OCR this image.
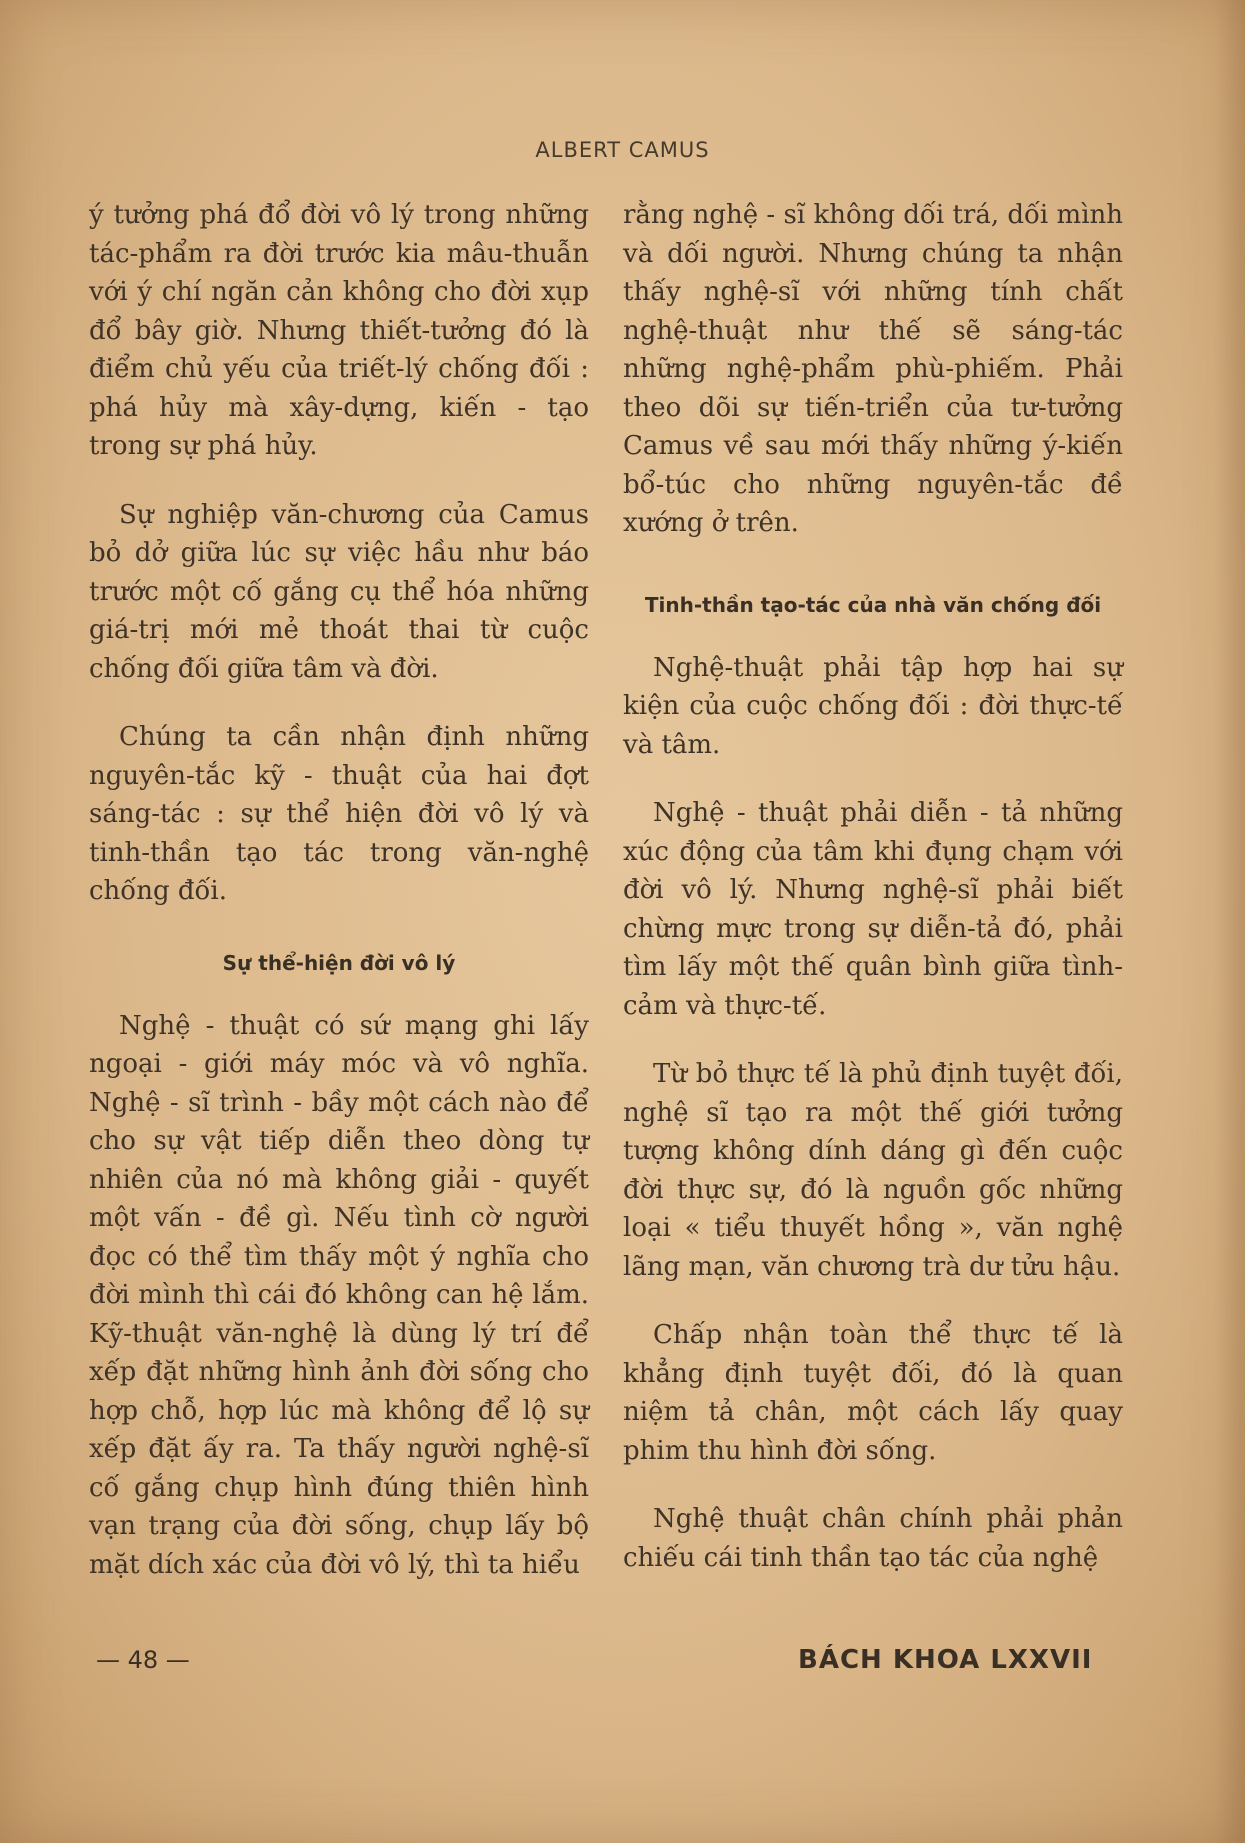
ALBERT CAMUS

ý tưởng phá đổ đời vô lý trong những tác-phẩm ra đời trước kia mâu-thuẫn với ý chí ngăn cản không cho đời xụp đổ bây giờ. Nhưng thiết-tưởng đó là điểm chủ yếu của triết-lý chống đối : phá hủy mà xây-dựng, kiến - tạo trong sự phá hủy.

Sự nghiệp văn-chương của Camus bỏ dở giữa lúc sự việc hầu như báo trước một cố gắng cụ thể hóa những giá-trị mới mẻ thoát thai từ cuộc chống đối giữa tâm và đời.

Chúng ta cần nhận định những nguyên-tắc kỹ - thuật của hai đợt sáng-tác : sự thể hiện đời vô lý và tinh-thần tạo tác trong văn-nghệ chống đối.

Sự thể-hiện đời vô lý

Nghệ - thuật có sứ mạng ghi lấy ngoại - giới máy móc và vô nghĩa. Nghệ - sĩ trình - bầy một cách nào để cho sự vật tiếp diễn theo dòng tự nhiên của nó mà không giải - quyết một vấn - đề gì. Nếu tình cờ người đọc có thể tìm thấy một ý nghĩa cho đời mình thì cái đó không can hệ lắm. Kỹ-thuật văn-nghệ là dùng lý trí để xếp đặt những hình ảnh đời sống cho hợp chỗ, hợp lúc mà không để lộ sự xếp đặt ấy ra. Ta thấy người nghệ-sĩ cố gắng chụp hình đúng thiên hình vạn trạng của đời sống, chụp lấy bộ mặt dích xác của đời vô lý, thì ta hiểu

rằng nghệ - sĩ không dối trá, dối mình và dối người. Nhưng chúng ta nhận thấy nghệ-sĩ với những tính chất nghệ-thuật như thế sẽ sáng-tác những nghệ-phẩm phù-phiếm. Phải theo dõi sự tiến-triển của tư-tưởng Camus về sau mới thấy những ý-kiến bổ-túc cho những nguyên-tắc đề xướng ở trên.

Tinh-thần tạo-tác của nhà văn chống đối

Nghệ-thuật phải tập hợp hai sự kiện của cuộc chống đối : đời thực-tế và tâm.

Nghệ - thuật phải diễn - tả những xúc động của tâm khi đụng chạm với đời vô lý. Nhưng nghệ-sĩ phải biết chừng mực trong sự diễn-tả đó, phải tìm lấy một thế quân bình giữa tình-cảm và thực-tế.

Từ bỏ thực tế là phủ định tuyệt đối, nghệ sĩ tạo ra một thế giới tưởng tượng không dính dáng gì đến cuộc đời thực sự, đó là nguồn gốc những loại « tiểu thuyết hồng », văn nghệ lãng mạn, văn chương trà dư tửu hậu.

Chấp nhận toàn thể thực tế là khẳng định tuyệt đối, đó là quan niệm tả chân, một cách lấy quay phim thu hình đời sống.

Nghệ thuật chân chính phải phản chiếu cái tinh thần tạo tác của nghệ

— 48 —	BÁCH KHOA LXXVII
